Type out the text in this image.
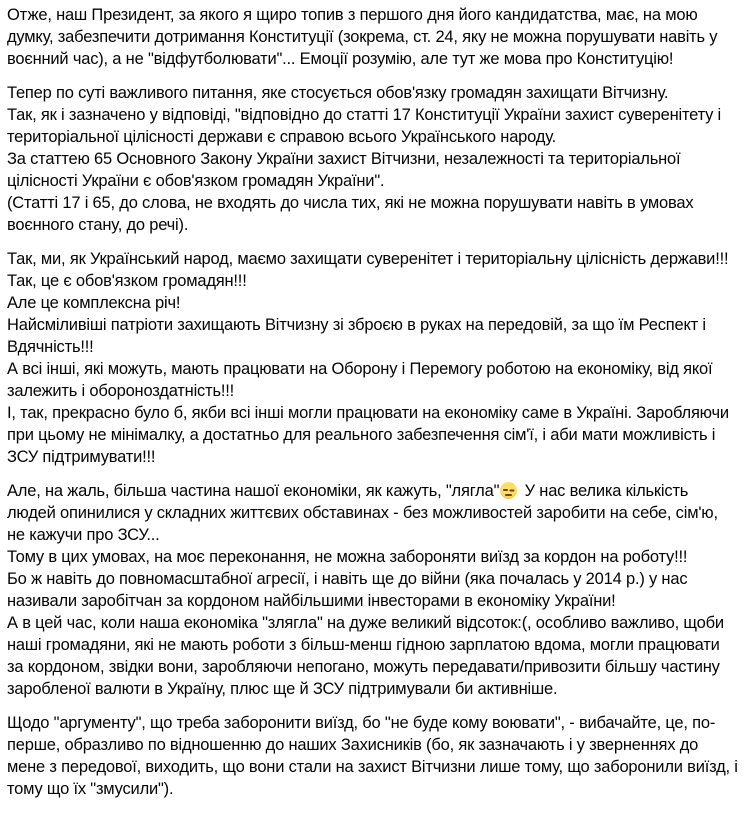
Отже, наш Президент, за якого я щиро топив з першого дня його кандидатства, має, на мою думку, забезпечити дотримання Конституції (зокрема, ст. 24, яку не можна порушувати навіть у воєнний час), а не "відфутболювати"... Емоції розумію, але тут же мова про Конституцію!
Тепер по суті важливого питання, яке стосується обов'язку громадян захищати Вітчизну.
Так, як і зазначено у відповіді, "відповідно до статті 17 Конституції України захист суверенітету і територіальної цілісності держави є справою всього Українського народу.
За статтею 65 Основного Закону України захист Вітчизни, незалежності та територіальної цілісності України є обов'язком громадян України".
(Статті 17 і 65, до слова, не входять до числа тих, які не можна порушувати навіть в умовах воєнного стану, до речі).
Так, ми, як Український народ, маємо захищати суверенітет і територіальну цілісність держави!!! Так, це є обов'язком громадян!!!
Але це комплексна річ!
Найсміливіші патріоти захищають Вітчизну зі зброєю в руках на передовій, за що їм Респект і Вдячність!!!
А всі інші, які можуть, мають працювати на Оборону і Перемогу роботою на економіку, від якої залежить і обороноздатність!!!
І, так, прекрасно було б, якби всі інші могли працювати на економіку саме в Україні. Заробляючи при цьому не мінімалку, а достатньо для реального забезпечення сім'ї, і аби мати можливість і ЗСУ підтримувати!!!
Але, на жаль, більша частина нашої економіки, як кажуть, "лягла" У нас велика кількість людей опинилися у складних життєвих обставинах - без можливостей заробити на себе, сім'ю, не кажучи про ЗСУ...
Тому в цих умовах, на моє переконання, не можна забороняти виїзд за кордон на роботу!!!
Бо ж навіть до повномасштабної агресії, і навіть ще до війни (яка почалась у 2014 р.) у нас називали заробітчан за кордоном найбільшими інвесторами в економіку України!
А в цей час, коли наша економіка "злягла" на дуже великий відсоток:(, особливо важливо, щоби наші громадяни, які не мають роботи з більш-менш гідною зарплатою вдома, могли працювати за кордоном, звідки вони, заробляючи непогано, можуть передавати/привозити більшу частину заробленої валюти в Україну, плюс ще й ЗСУ підтримували би активніше.
Щодо "аргументу", що треба заборонити виїзд, бо "не буде кому воювати", - вибачайте, це, по-перше, образливо по відношенню до наших Захисників (бо, як зазначають і у зверненнях до мене з передової, виходить, що вони стали на захист Вітчизни лише тому, що заборонили виїзд, і тому що їх "змусили").
